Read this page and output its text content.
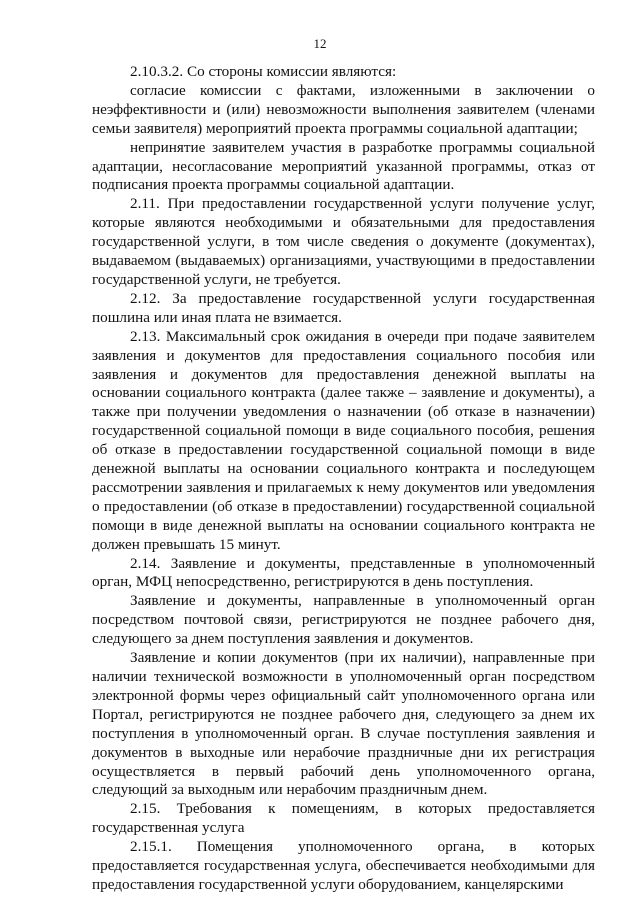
12

2.10.3.2. Со стороны комиссии являются:

согласие комиссии с фактами, изложенными в заключении о неэффективности и (или) невозможности выполнения заявителем (членами семьи заявителя) мероприятий проекта программы социальной адаптации;

непринятие заявителем участия в разработке программы социальной адаптации, несогласование мероприятий указанной программы, отказ от подписания проекта программы социальной адаптации.

2.11. При предоставлении государственной услуги получение услуг, которые являются необходимыми и обязательными для предоставления государственной услуги, в том числе сведения о документе (документах), выдаваемом (выдаваемых) организациями, участвующими в предоставлении государственной услуги, не требуется.

2.12. За предоставление государственной услуги государственная пошлина или иная плата не взимается.

2.13. Максимальный срок ожидания в очереди при подаче заявителем заявления и документов для предоставления социального пособия или заявления и документов для предоставления денежной выплаты на основании социального контракта (далее также – заявление и документы), а также при получении уведомления о назначении (об отказе в назначении) государственной социальной помощи в виде социального пособия, решения об отказе в предоставлении государственной социальной помощи в виде денежной выплаты на основании социального контракта и последующем рассмотрении заявления и прилагаемых к нему документов или уведомления о предоставлении (об отказе в предоставлении) государственной социальной помощи в виде денежной выплаты на основании социального контракта не должен превышать 15 минут.

2.14. Заявление и документы, представленные в уполномоченный орган, МФЦ непосредственно, регистрируются в день поступления.

Заявление и документы, направленные в уполномоченный орган посредством почтовой связи, регистрируются не позднее рабочего дня, следующего за днем поступления заявления и документов.

Заявление и копии документов (при их наличии), направленные при наличии технической возможности в уполномоченный орган посредством электронной формы через официальный сайт уполномоченного органа или Портал, регистрируются не позднее рабочего дня, следующего за днем их поступления в уполномоченный орган. В случае поступления заявления и документов в выходные или нерабочие праздничные дни их регистрация осуществляется в первый рабочий день уполномоченного органа, следующий за выходным или нерабочим праздничным днем.

2.15. Требования к помещениям, в которых предоставляется государственная услуга

2.15.1. Помещения уполномоченного органа, в которых предоставляется государственная услуга, обеспечивается необходимыми для предоставления государственной услуги оборудованием, канцелярскими
